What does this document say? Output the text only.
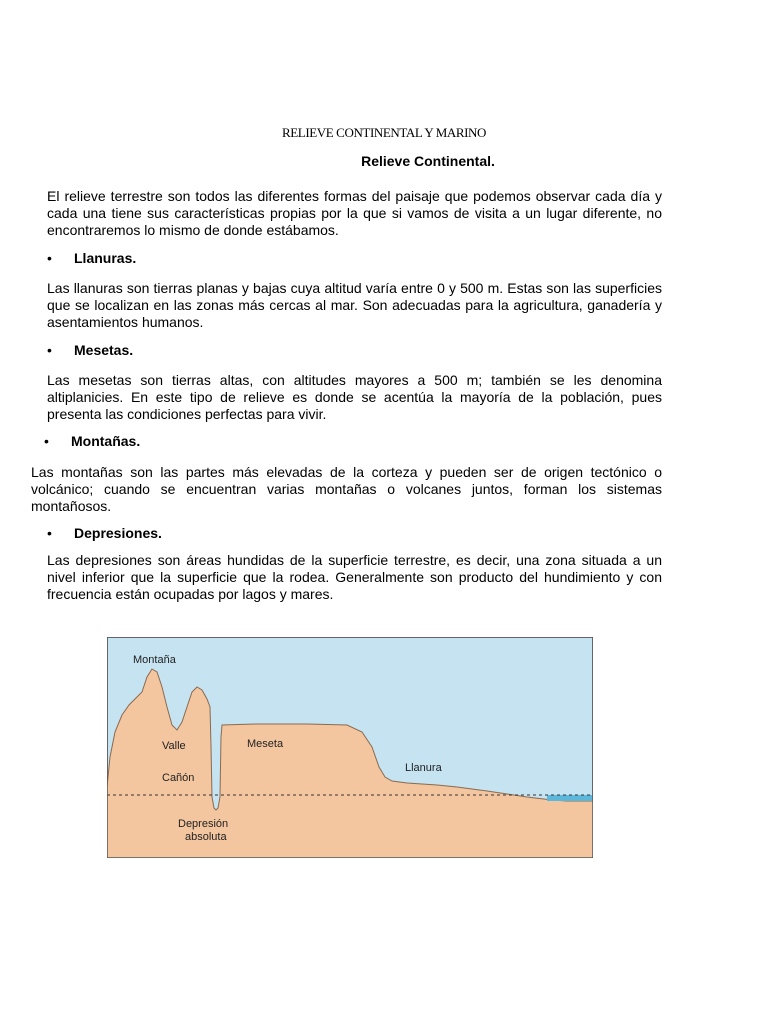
RELIEVE CONTINENTAL Y MARINO
Relieve Continental.

El relieve terrestre son todos las diferentes formas del paisaje que podemos observar cada día y cada una tiene sus características propias por la que si vamos de visita a un lugar diferente, no encontraremos lo mismo de donde estábamos.

• Llanuras.

Las llanuras son tierras planas y bajas cuya altitud varía entre 0 y 500 m. Estas son las superficies que se localizan en las zonas más cercas al mar. Son adecuadas para la agricultura, ganadería y asentamientos humanos.

• Mesetas.

Las mesetas son tierras altas, con altitudes mayores a 500 m; también se les denomina altiplanicies. En este tipo de relieve es donde se acentúa la mayoría de la población, pues presenta las condiciones perfectas para vivir.

• Montañas.

Las montañas son las partes más elevadas de la corteza y pueden ser de origen tectónico o volcánico; cuando se encuentran varias montañas o volcanes juntos, forman los sistemas montañosos.

• Depresiones.

Las depresiones son áreas hundidas de la superficie terrestre, es decir, una zona situada a un nivel inferior que la superficie que la rodea. Generalmente son producto del hundimiento y con frecuencia están ocupadas por lagos y mares.

Montaña
Valle
Cañón
Meseta
Llanura
Depresión
absoluta
